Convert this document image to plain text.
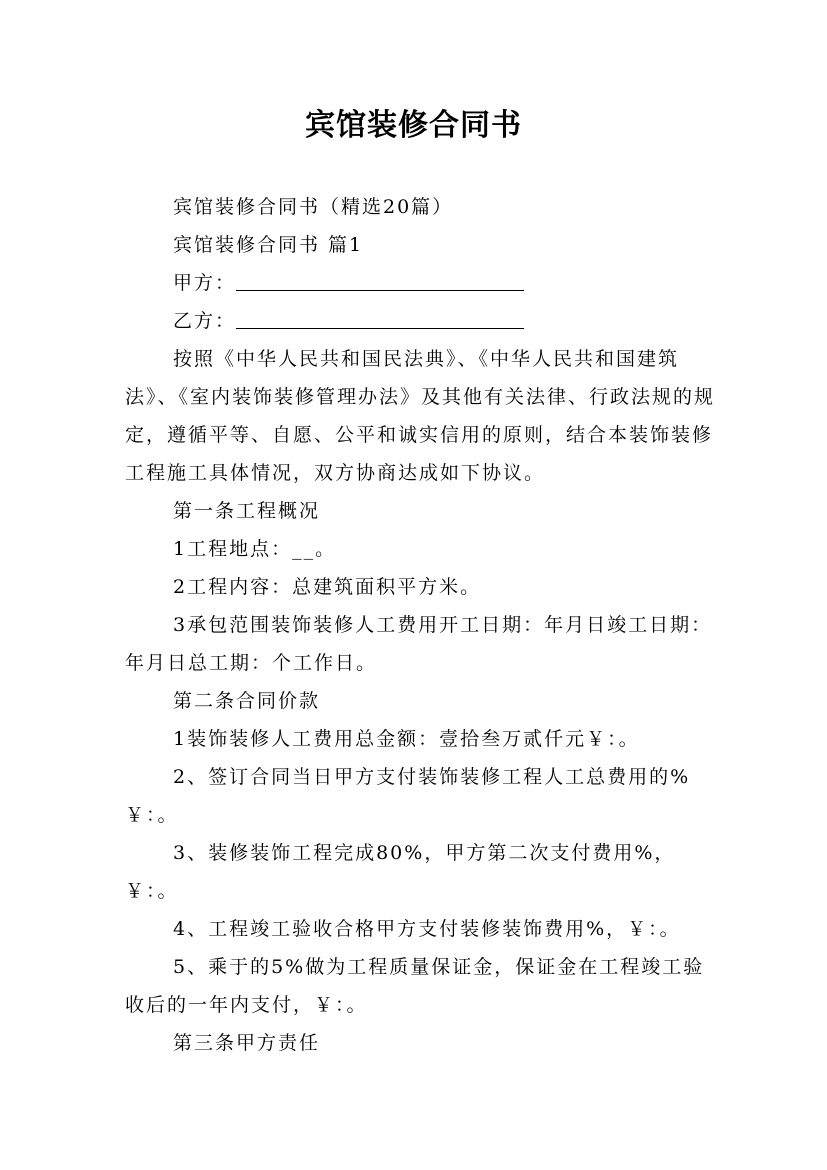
宾馆装修合同书

宾馆装修合同书（精选20篇）

宾馆装修合同书 篇1

甲方：

乙方：

按照《中华人民共和国民法典》、《中华人民共和国建筑法》、《室内装饰装修管理办法》及其他有关法律、行政法规的规定，遵循平等、自愿、公平和诚实信用的原则，结合本装饰装修工程施工具体情况，双方协商达成如下协议。

第一条工程概况

1工程地点：__。

2工程内容：总建筑面积平方米。

3承包范围装饰装修人工费用开工日期：年月日竣工日期：年月日总工期：个工作日。

第二条合同价款

1装饰装修人工费用总金额：壹拾叁万贰仟元￥：。

2、签订合同当日甲方支付装饰装修工程人工总费用的%￥：。

3、装修装饰工程完成80%，甲方第二次支付费用%，￥：。

4、工程竣工验收合格甲方支付装修装饰费用%，￥：。

5、乘于的5%做为工程质量保证金，保证金在工程竣工验收后的一年内支付，￥：。

第三条甲方责任
